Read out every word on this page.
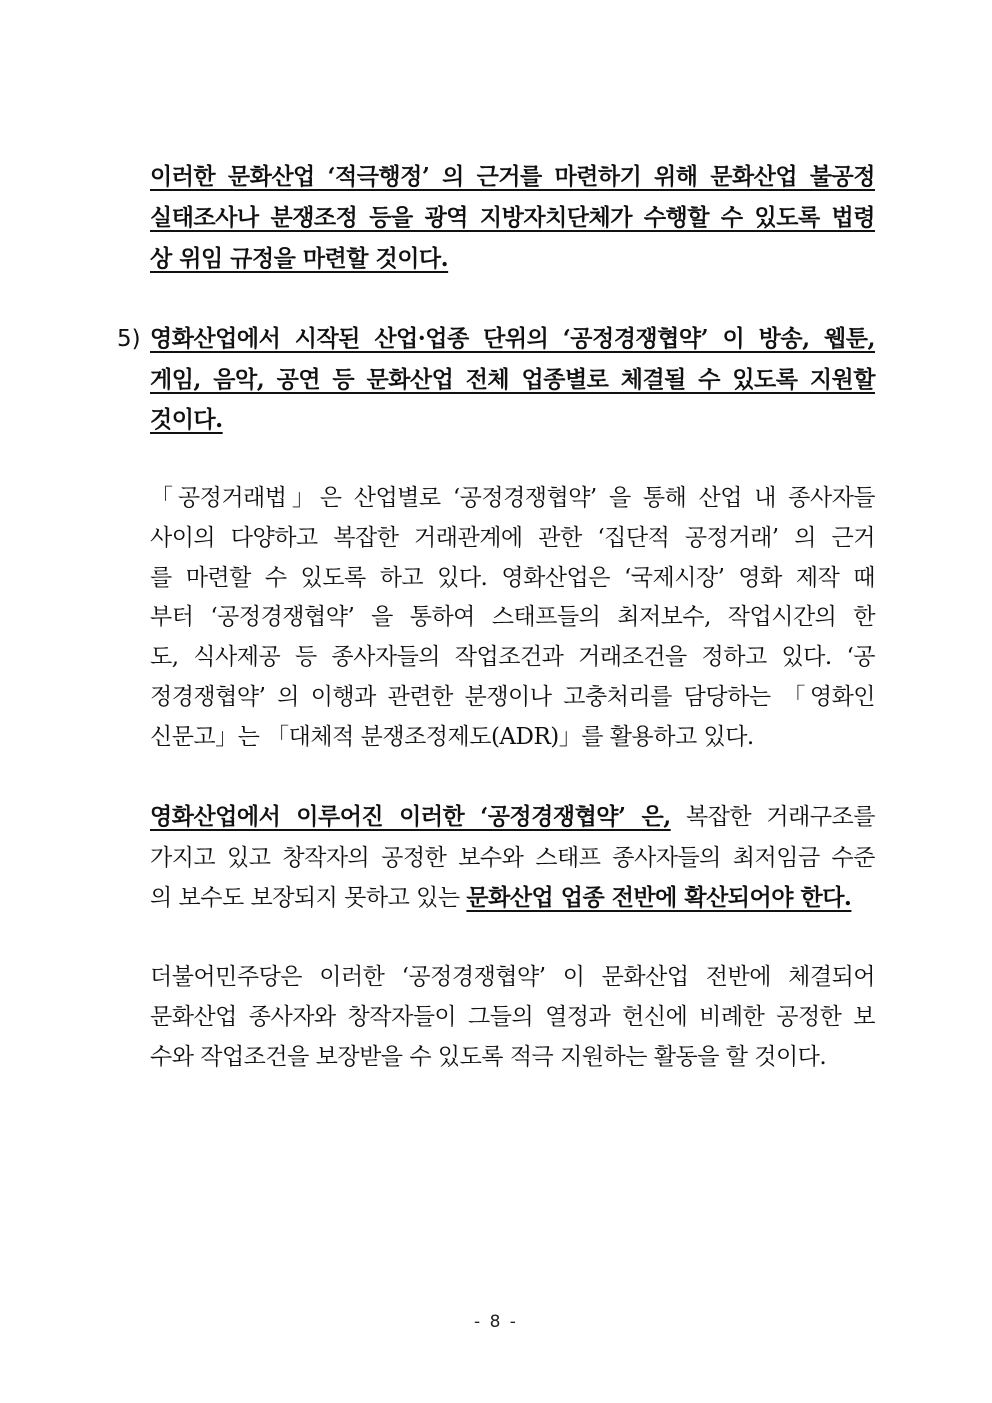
이러한 문화산업 ‘적극행정’ 의 근거를 마련하기 위해 문화산업 불공정
실태조사나 분쟁조정 등을 광역 지방자치단체가 수행할 수 있도록 법령
상 위임 규정을 마련할 것이다.
5) 영화산업에서 시작된 산업·업종 단위의 ‘공정경쟁협약’ 이 방송, 웹툰,
게임, 음악, 공연 등 문화산업 전체 업종별로 체결될 수 있도록 지원할
것이다.
「공정거래법」은 산업별로 ‘공정경쟁협약’ 을 통해 산업 내 종사자들
사이의 다양하고 복잡한 거래관계에 관한 ‘집단적 공정거래’ 의 근거
를 마련할 수 있도록 하고 있다. 영화산업은 ‘국제시장’ 영화 제작 때
부터 ‘공정경쟁협약’ 을 통하여 스태프들의 최저보수, 작업시간의 한
도, 식사제공 등 종사자들의 작업조건과 거래조건을 정하고 있다. ‘공
정경쟁협약’ 의 이행과 관련한 분쟁이나 고충처리를 담당하는 「영화인
신문고」는 「대체적 분쟁조정제도(ADR)」를 활용하고 있다.
영화산업에서 이루어진 이러한 ‘공정경쟁협약’ 은, 복잡한 거래구조를
가지고 있고 창작자의 공정한 보수와 스태프 종사자들의 최저임금 수준
의 보수도 보장되지 못하고 있는 문화산업 업종 전반에 확산되어야 한다.
더불어민주당은 이러한 ‘공정경쟁협약’ 이 문화산업 전반에 체결되어
문화산업 종사자와 창작자들이 그들의 열정과 헌신에 비례한 공정한 보
수와 작업조건을 보장받을 수 있도록 적극 지원하는 활동을 할 것이다.
- 8 -
